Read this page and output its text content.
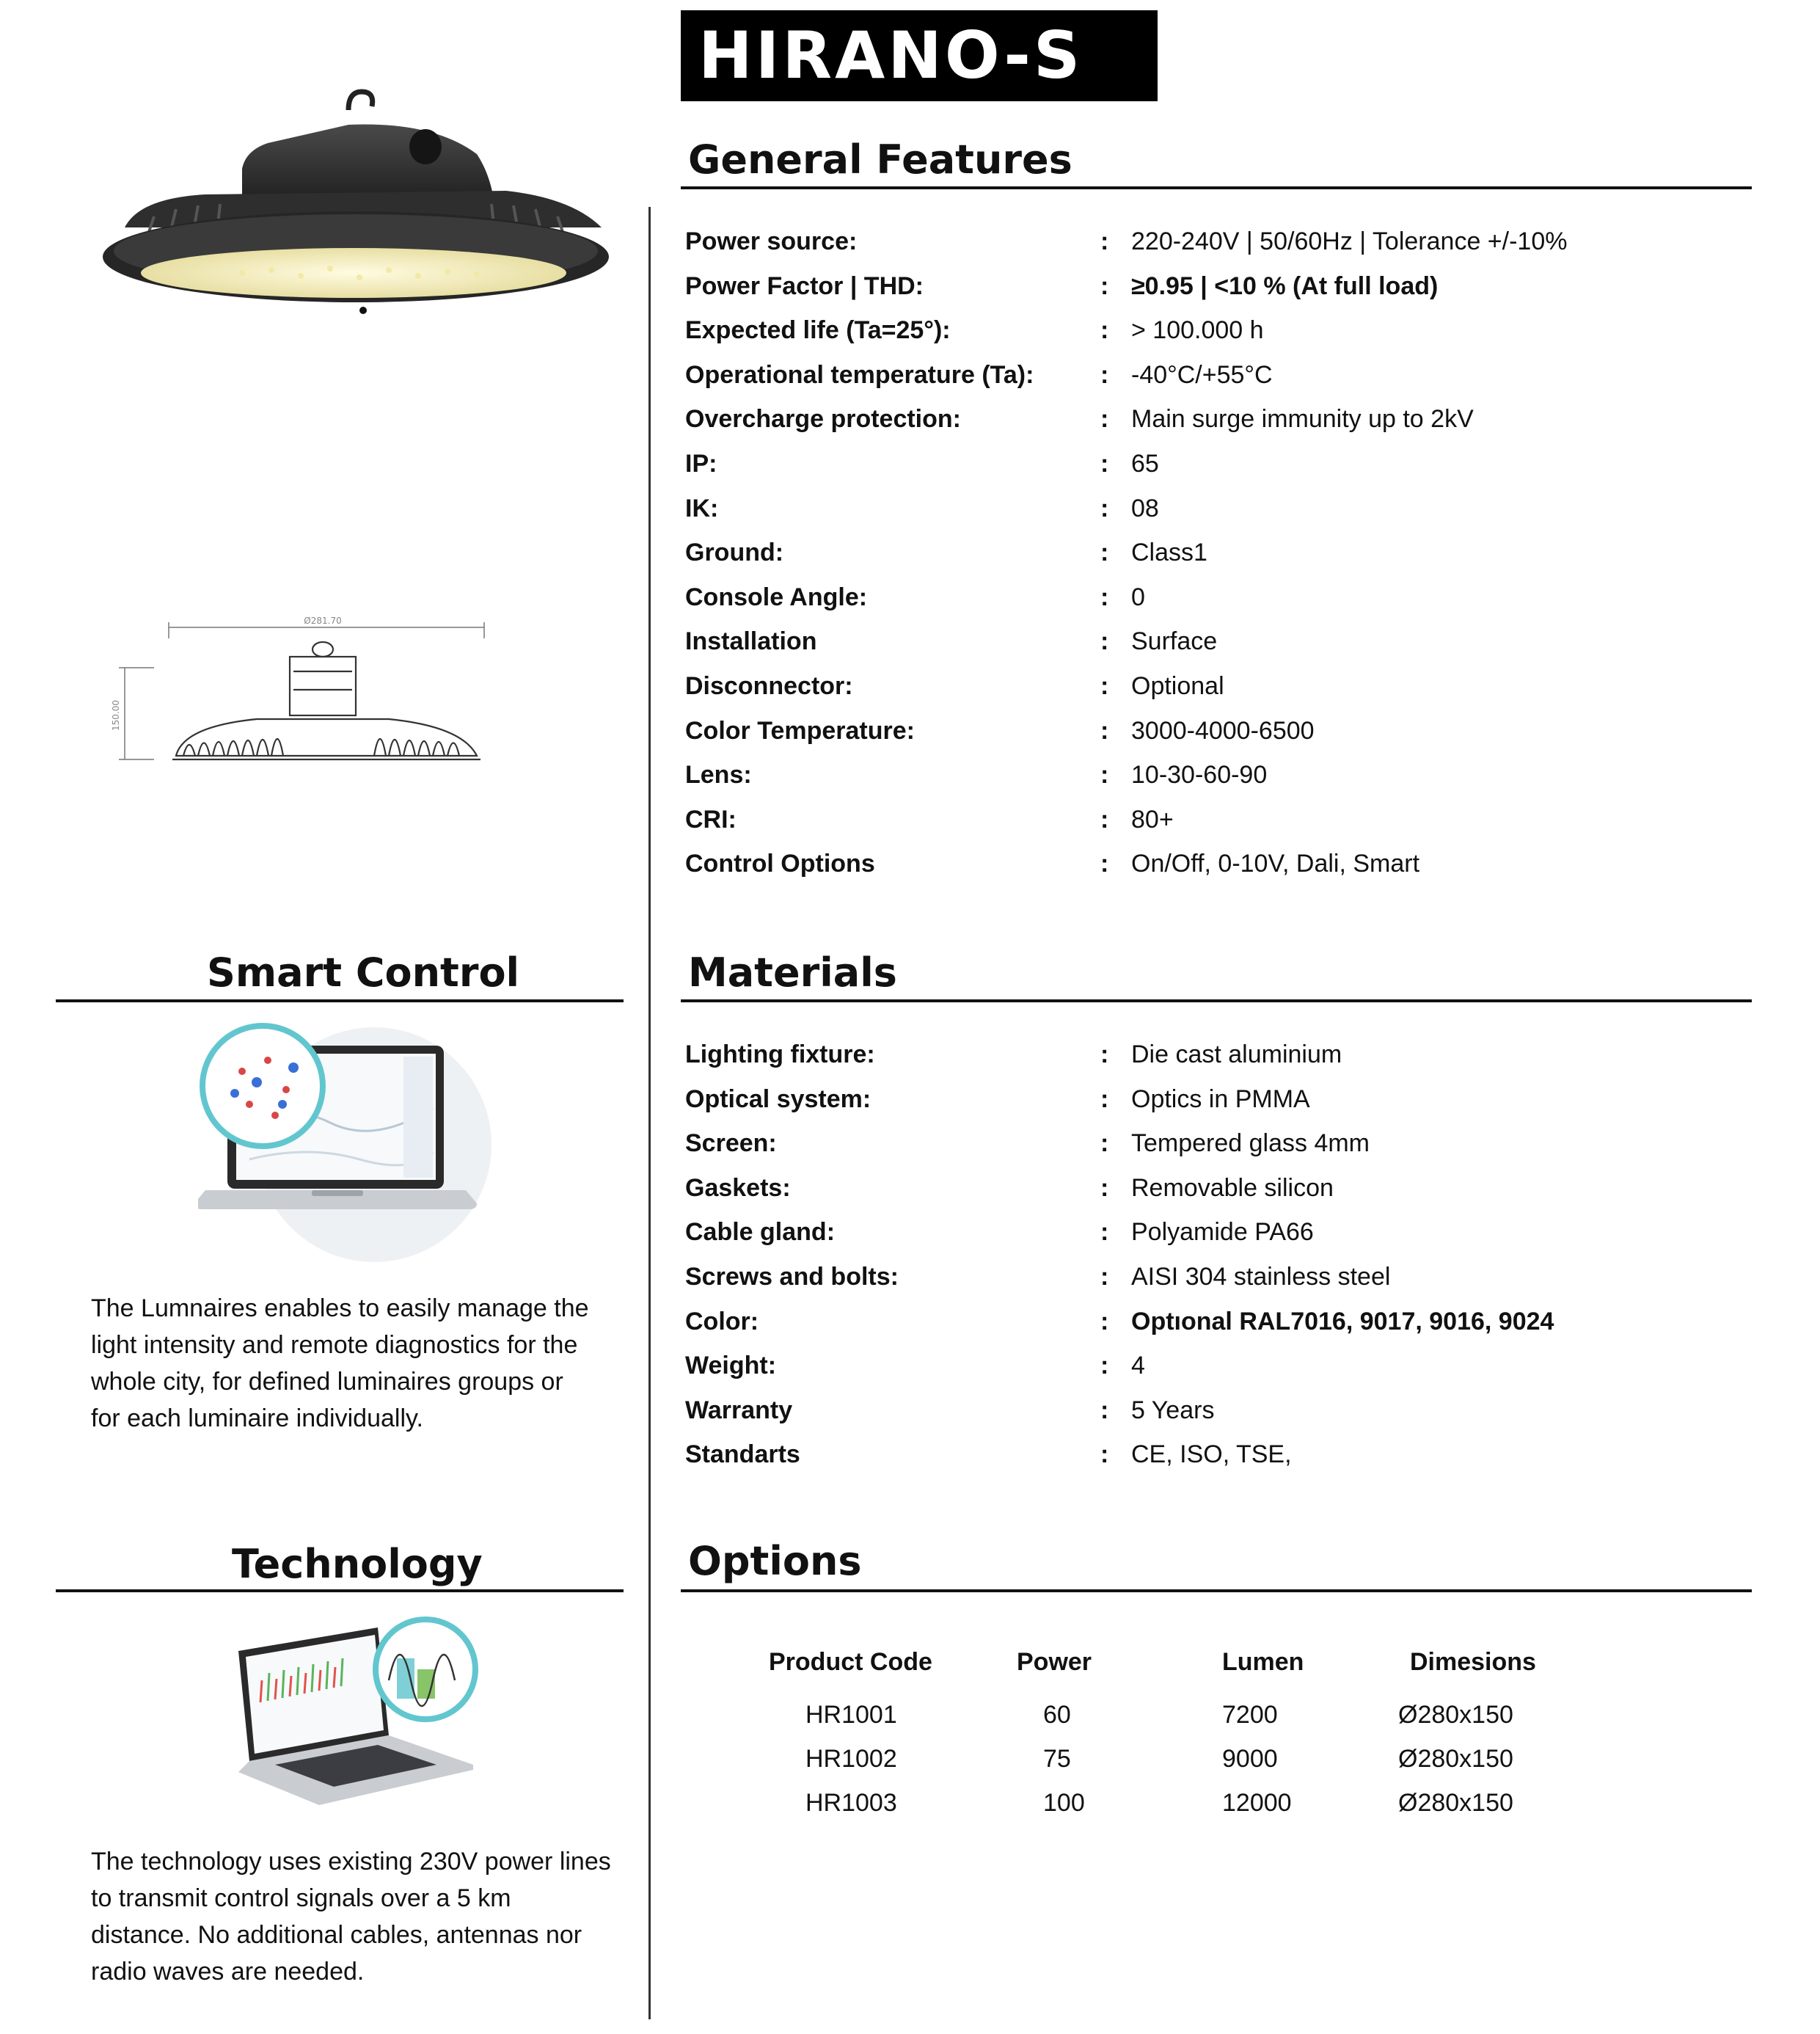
HIRANO-S
Ø281.70
150.00
General Features
Power source:	: 220-240V | 50/60Hz | Tolerance +/-10%
Power Factor | THD:	: ≥0.95 | <10 % (At full load)
Expected life (Ta=25°):	: > 100.000 h
Operational temperature (Ta):	: -40°C/+55°C
Overcharge protection:	: Main surge immunity up to 2kV
IP:	: 65
IK:	: 08
Ground:	: Class1
Console Angle:	: 0
Installation	: Surface
Disconnector:	: Optional
Color Temperature:	: 3000-4000-6500
Lens:	: 10-30-60-90
CRI:	: 80+
Control Options	: On/Off, 0-10V, Dali, Smart
Materials
Lighting fixture:	: Die cast aluminium
Optical system:	: Optics in PMMA
Screen:	: Tempered glass 4mm
Gaskets:	: Removable silicon
Cable gland:	: Polyamide PA66
Screws and bolts:	: AISI 304 stainless steel
Color:	: Optıonal RAL7016, 9017, 9016, 9024
Weight:	: 4
Warranty	: 5 Years
Standarts	: CE, ISO, TSE,
Options
Product Code	Power	Lumen	Dimesions
HR1001	60	7200	Ø280x150
HR1002	75	9000	Ø280x150
HR1003	100	12000	Ø280x150
Smart Control
The Lumnaires enables to easily manage the
light intensity and remote diagnostics for the
whole city, for defined luminaires groups or
for each luminaire individually.
Technology
The technology uses existing 230V power lines
to transmit control signals over a 5 km
distance. No additional cables, antennas nor
radio waves are needed.
